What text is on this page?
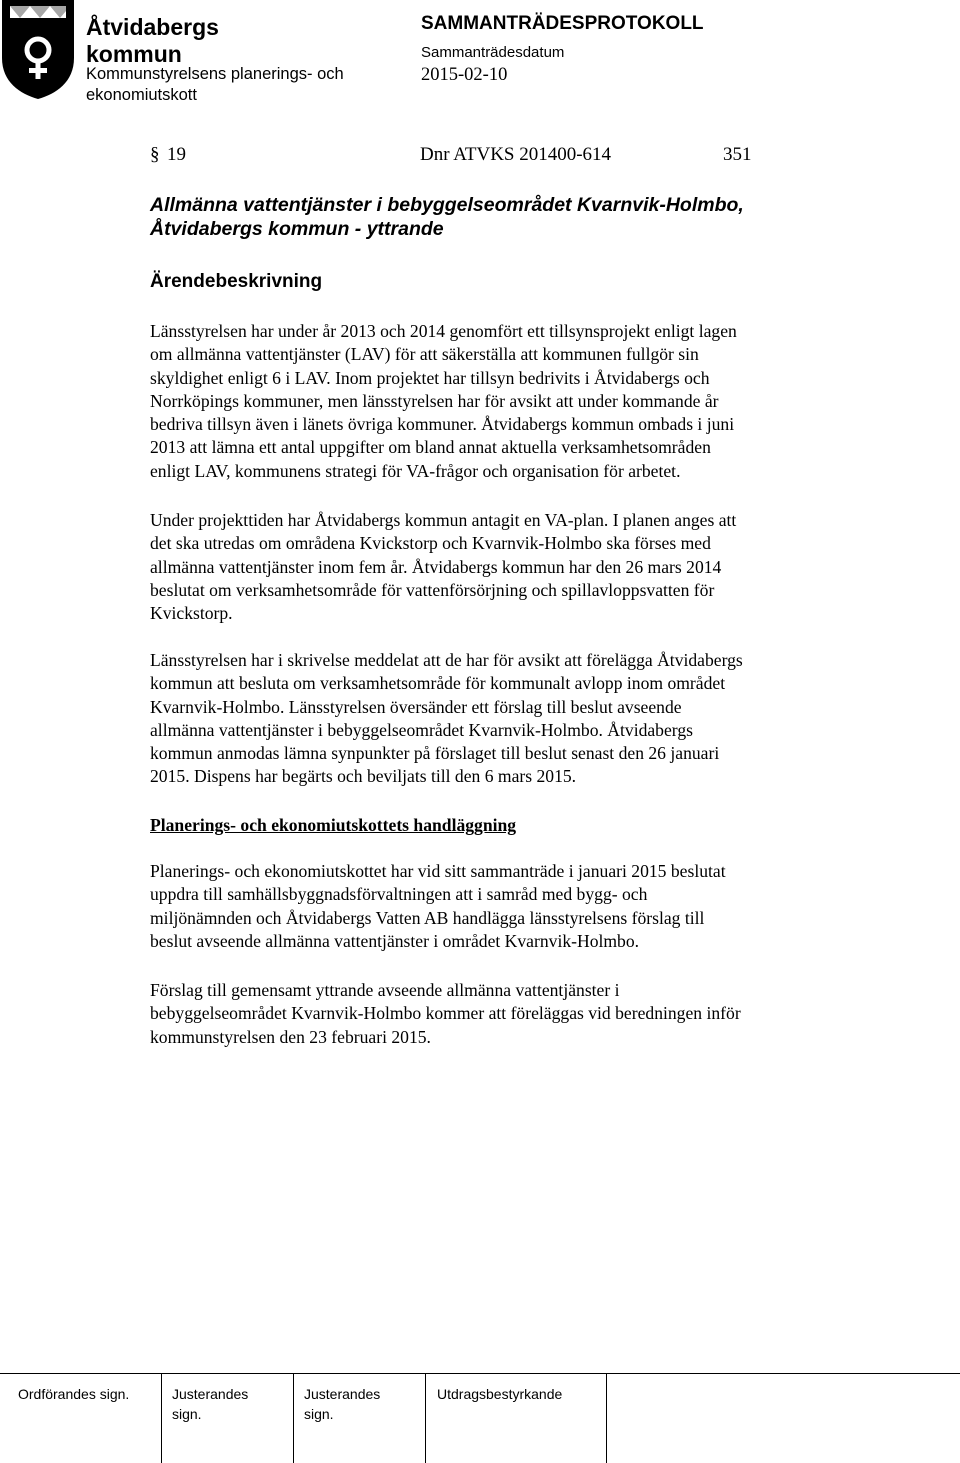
Åtvidabergs
kommun
Kommunstyrelsens planerings- och
ekonomiutskott
SAMMANTRÄDESPROTOKOLL
Sammanträdesdatum
2015-02-10
§ 19	Dnr ATVKS 201400-614	351
Allmänna vattentjänster i bebyggelseområdet Kvarnvik-Holmbo,
Åtvidabergs kommun - yttrande
Ärendebeskrivning
Länsstyrelsen har under år 2013 och 2014 genomfört ett tillsynsprojekt enligt lagen
om allmänna vattentjänster (LAV) för att säkerställa att kommunen fullgör sin
skyldighet enligt 6 i LAV. Inom projektet har tillsyn bedrivits i Åtvidabergs och
Norrköpings kommuner, men länsstyrelsen har för avsikt att under kommande år
bedriva tillsyn även i länets övriga kommuner. Åtvidabergs kommun ombads i juni
2013 att lämna ett antal uppgifter om bland annat aktuella verksamhetsområden
enligt LAV, kommunens strategi för VA-frågor och organisation för arbetet.
Under projekttiden har Åtvidabergs kommun antagit en VA-plan. I planen anges att
det ska utredas om områdena Kvickstorp och Kvarnvik-Holmbo ska förses med
allmänna vattentjänster inom fem år. Åtvidabergs kommun har den 26 mars 2014
beslutat om verksamhetsområde för vattenförsörjning och spillavloppsvatten för
Kvickstorp.
Länsstyrelsen har i skrivelse meddelat att de har för avsikt att förelägga Åtvidabergs
kommun att besluta om verksamhetsområde för kommunalt avlopp inom området
Kvarnvik-Holmbo. Länsstyrelsen översänder ett förslag till beslut avseende
allmänna vattentjänster i bebyggelseområdet Kvarnvik-Holmbo. Åtvidabergs
kommun anmodas lämna synpunkter på förslaget till beslut senast den 26 januari
2015. Dispens har begärts och beviljats till den 6 mars 2015.
Planerings- och ekonomiutskottets handläggning
Planerings- och ekonomiutskottet har vid sitt sammanträde i januari 2015 beslutat
uppdra till samhällsbyggnadsförvaltningen att i samråd med bygg- och
miljönämnden och Åtvidabergs Vatten AB handlägga länsstyrelsens förslag till
beslut avseende allmänna vattentjänster i området Kvarnvik-Holmbo.
Förslag till gemensamt yttrande avseende allmänna vattentjänster i
bebyggelseområdet Kvarnvik-Holmbo kommer att föreläggas vid beredningen inför
kommunstyrelsen den 23 februari 2015.
Ordförandes sign.	Justerandes
sign.
Justerandes
sign.
Utdragsbestyrkande
